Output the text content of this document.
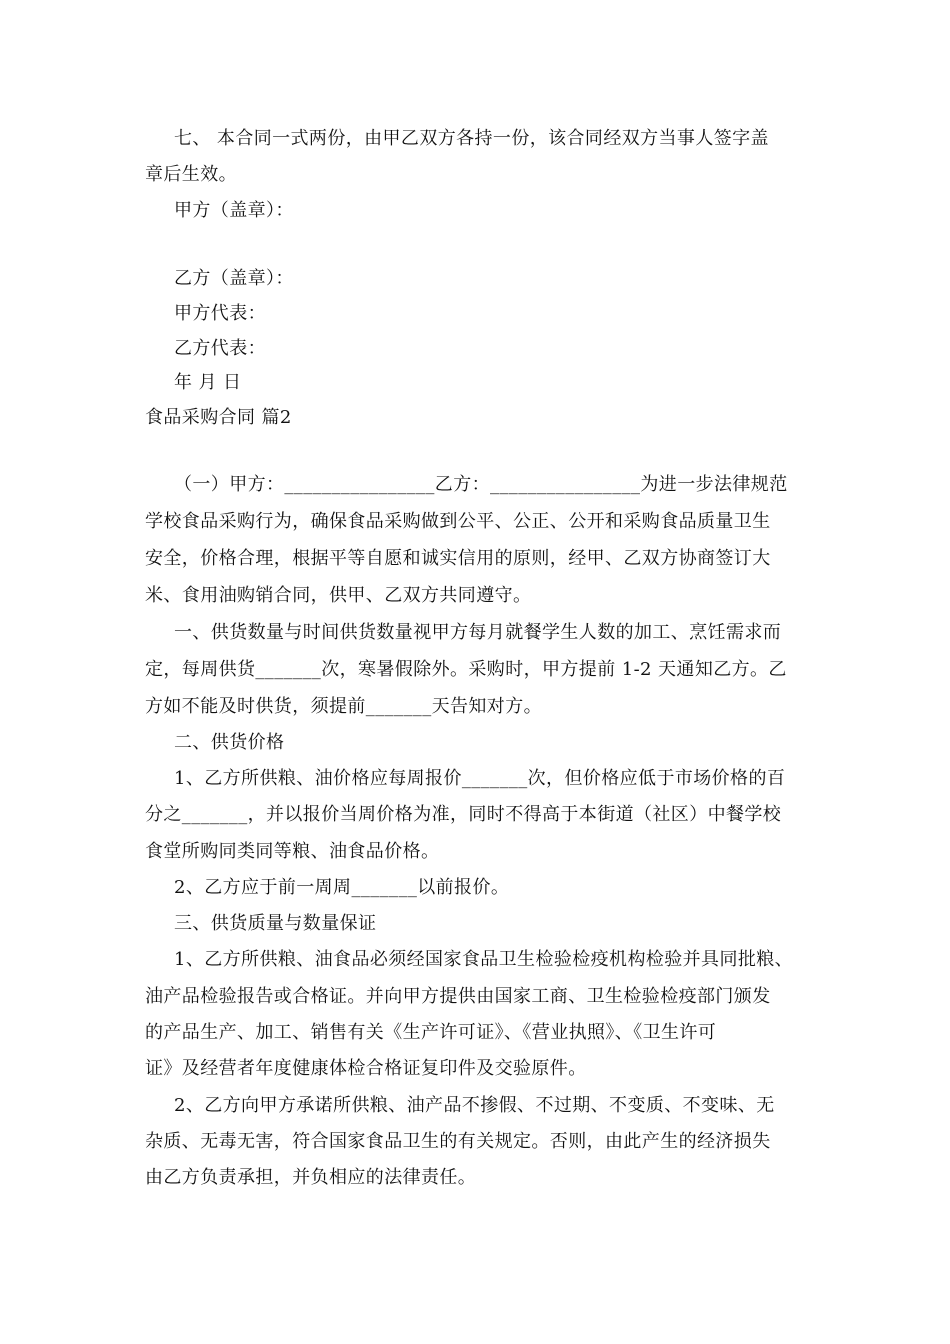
七、 本合同一式两份，由甲乙双方各持一份，该合同经双方当事人签字盖
章后生效。
甲方（盖章）：
乙方（盖章）：
甲方代表：
乙方代表：
年 月 日
食品采购合同 篇2
（一）甲方：________________乙方：________________为进一步法律规范
学校食品采购行为，确保食品采购做到公平、公正、公开和采购食品质量卫生
安全，价格合理，根据平等自愿和诚实信用的原则，经甲、乙双方协商签订大
米、食用油购销合同，供甲、乙双方共同遵守。
一、供货数量与时间供货数量视甲方每月就餐学生人数的加工、烹饪需求而
定，每周供货_______次，寒暑假除外。采购时，甲方提前 1-2 天通知乙方。乙
方如不能及时供货，须提前_______天告知对方。
二、供货价格
1、乙方所供粮、油价格应每周报价_______次，但价格应低于市场价格的百
分之_______，并以报价当周价格为准，同时不得高于本街道（社区）中餐学校
食堂所购同类同等粮、油食品价格。
2、乙方应于前一周周_______以前报价。
三、供货质量与数量保证
1、乙方所供粮、油食品必须经国家食品卫生检验检疫机构检验并具同批粮、
油产品检验报告或合格证。并向甲方提供由国家工商、卫生检验检疫部门颁发
的产品生产、加工、销售有关《生产许可证》、《营业执照》、《卫生许可
证》及经营者年度健康体检合格证复印件及交验原件。
2、乙方向甲方承诺所供粮、油产品不掺假、不过期、不变质、不变味、无
杂质、无毒无害，符合国家食品卫生的有关规定。否则，由此产生的经济损失
由乙方负责承担，并负相应的法律责任。
